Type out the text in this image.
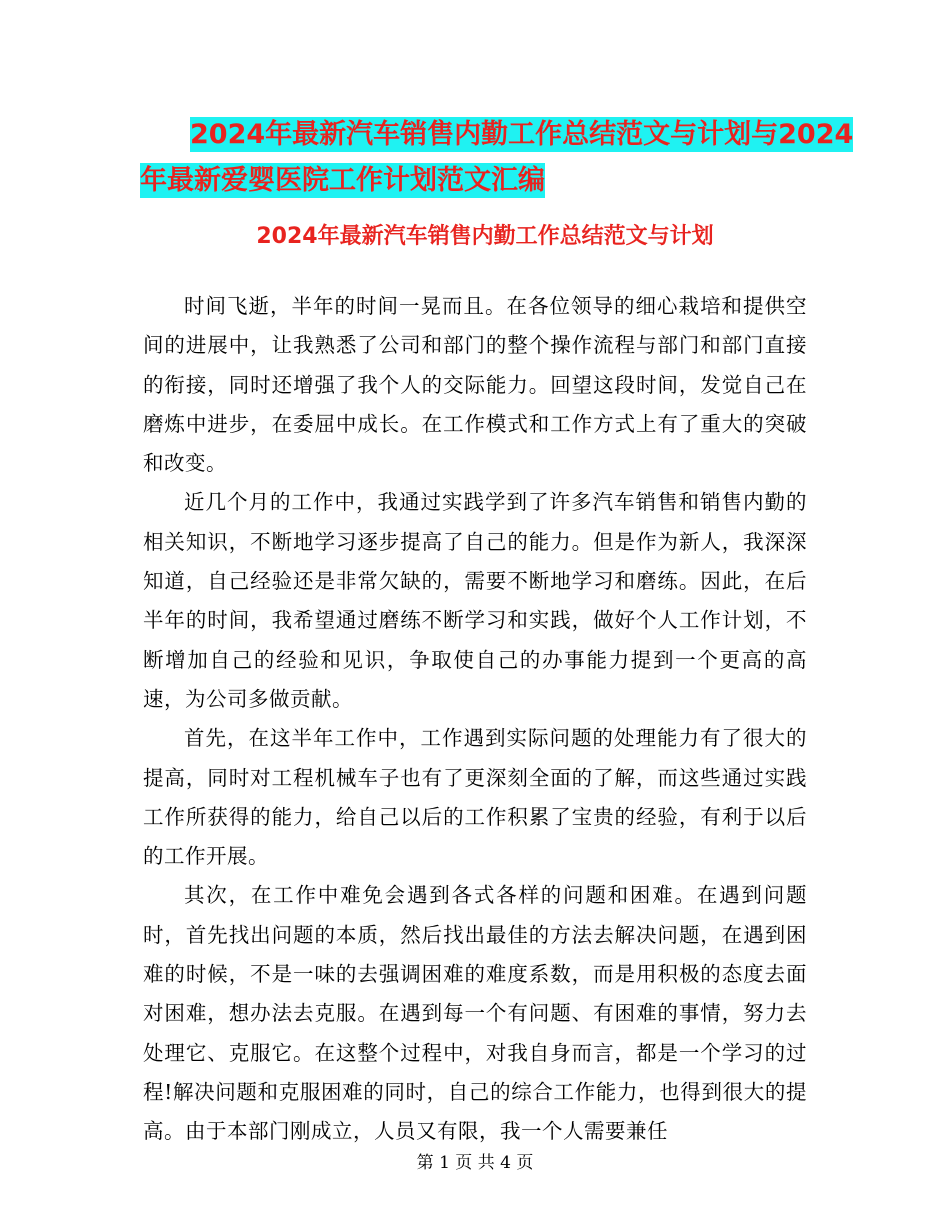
2024年最新汽车销售内勤工作总结范文与计划与2024
年最新爱婴医院工作计划范文汇编
2024年最新汽车销售内勤工作总结范文与计划

时间飞逝，半年的时间一晃而且。在各位领导的细心栽培和提供空间的进展中，让我熟悉了公司和部门的整个操作流程与部门和部门直接的衔接，同时还增强了我个人的交际能力。回望这段时间，发觉自己在磨炼中进步，在委屈中成长。在工作模式和工作方式上有了重大的突破和改变。

近几个月的工作中，我通过实践学到了许多汽车销售和销售内勤的相关知识，不断地学习逐步提高了自己的能力。但是作为新人，我深深知道，自己经验还是非常欠缺的，需要不断地学习和磨练。因此，在后半年的时间，我希望通过磨练不断学习和实践，做好个人工作计划，不断增加自己的经验和见识，争取使自己的办事能力提到一个更高的高速，为公司多做贡献。

首先，在这半年工作中，工作遇到实际问题的处理能力有了很大的提高，同时对工程机械车子也有了更深刻全面的了解，而这些通过实践工作所获得的能力，给自己以后的工作积累了宝贵的经验，有利于以后的工作开展。

其次，在工作中难免会遇到各式各样的问题和困难。在遇到问题时，首先找出问题的本质，然后找出最佳的方法去解决问题，在遇到困难的时候，不是一味的去强调困难的难度系数，而是用积极的态度去面对困难，想办法去克服。在遇到每一个有问题、有困难的事情，努力去处理它、克服它。在这整个过程中，对我自身而言，都是一个学习的过程!解决问题和克服困难的同时，自己的综合工作能力，也得到很大的提高。由于本部门刚成立，人员又有限，我一个人需要兼任

第 1 页 共 4 页
